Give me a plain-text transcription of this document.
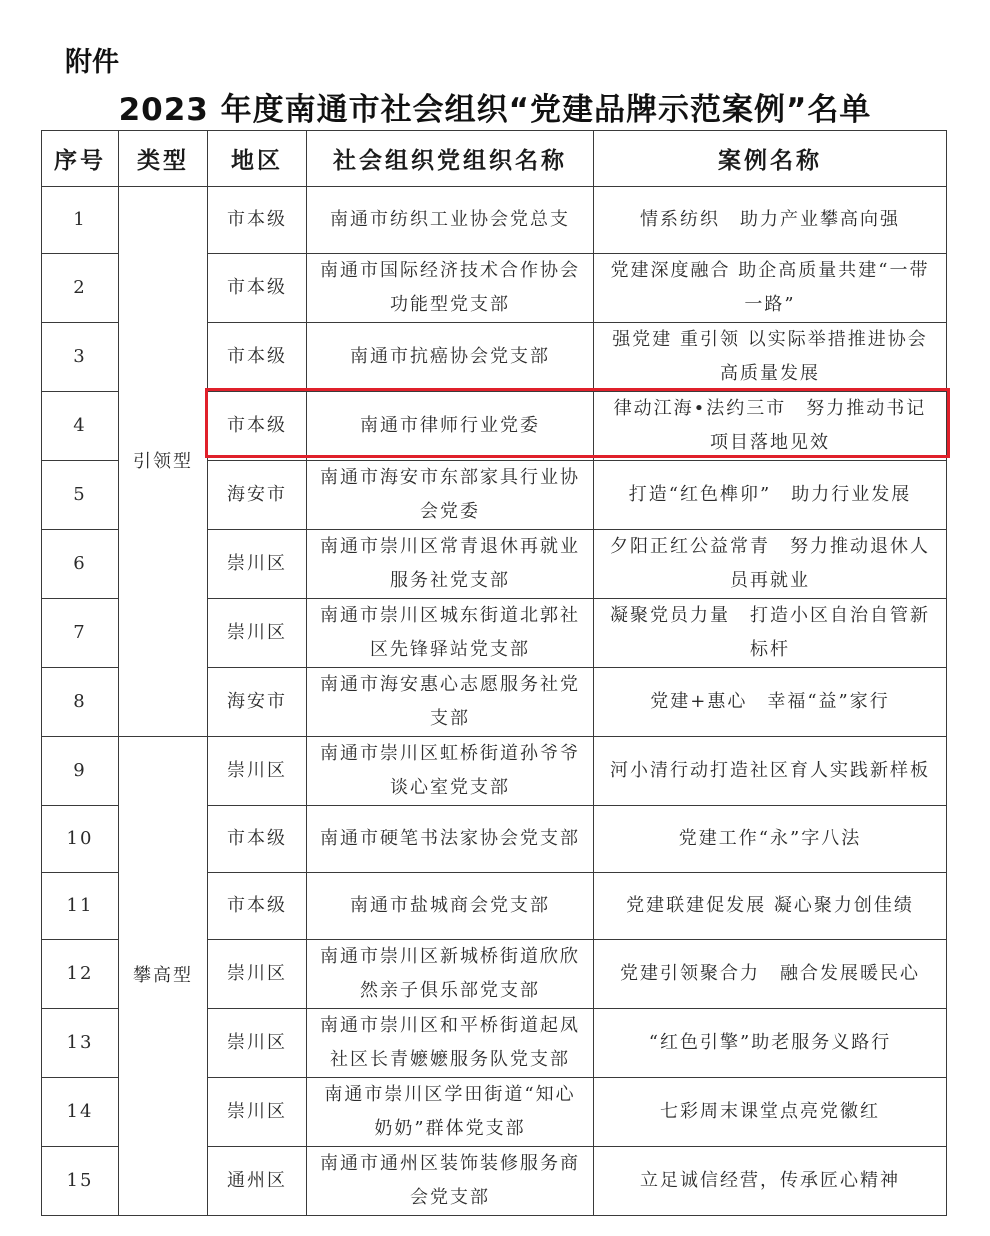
附件
2023 年度南通市社会组织“党建品牌示范案例”名单
序号	类型	地区	社会组织党组织名称	案例名称
1	引领型	市本级	南通市纺织工业协会党总支	情系纺织　助力产业攀高向强
2		市本级	南通市国际经济技术合作协会功能型党支部	党建深度融合 助企高质量共建“一带一路”
3		市本级	南通市抗癌协会党支部	强党建 重引领 以实际举措推进协会高质量发展
4		市本级	南通市律师行业党委	律动江海•法约三市　努力推动书记项目落地见效
5		海安市	南通市海安市东部家具行业协会党委	打造“红色榫卯”　助力行业发展
6		崇川区	南通市崇川区常青退休再就业服务社党支部	夕阳正红公益常青　努力推动退休人员再就业
7		崇川区	南通市崇川区城东街道北郭社区先锋驿站党支部	凝聚党员力量　打造小区自治自管新标杆
8		海安市	南通市海安惠心志愿服务社党支部	党建+惠心　幸福“益”家行
9	攀高型	崇川区	南通市崇川区虹桥街道孙爷爷谈心室党支部	河小清行动打造社区育人实践新样板
10		市本级	南通市硬笔书法家协会党支部	党建工作“永”字八法
11		市本级	南通市盐城商会党支部	党建联建促发展 凝心聚力创佳绩
12		崇川区	南通市崇川区新城桥街道欣欣然亲子俱乐部党支部	党建引领聚合力　融合发展暖民心
13		崇川区	南通市崇川区和平桥街道起凤社区长青嬷嬷服务队党支部	“红色引擎”助老服务义路行
14		崇川区	南通市崇川区学田街道“知心奶奶”群体党支部	七彩周末课堂点亮党徽红
15		通州区	南通市通州区装饰装修服务商会党支部	立足诚信经营，传承匠心精神
